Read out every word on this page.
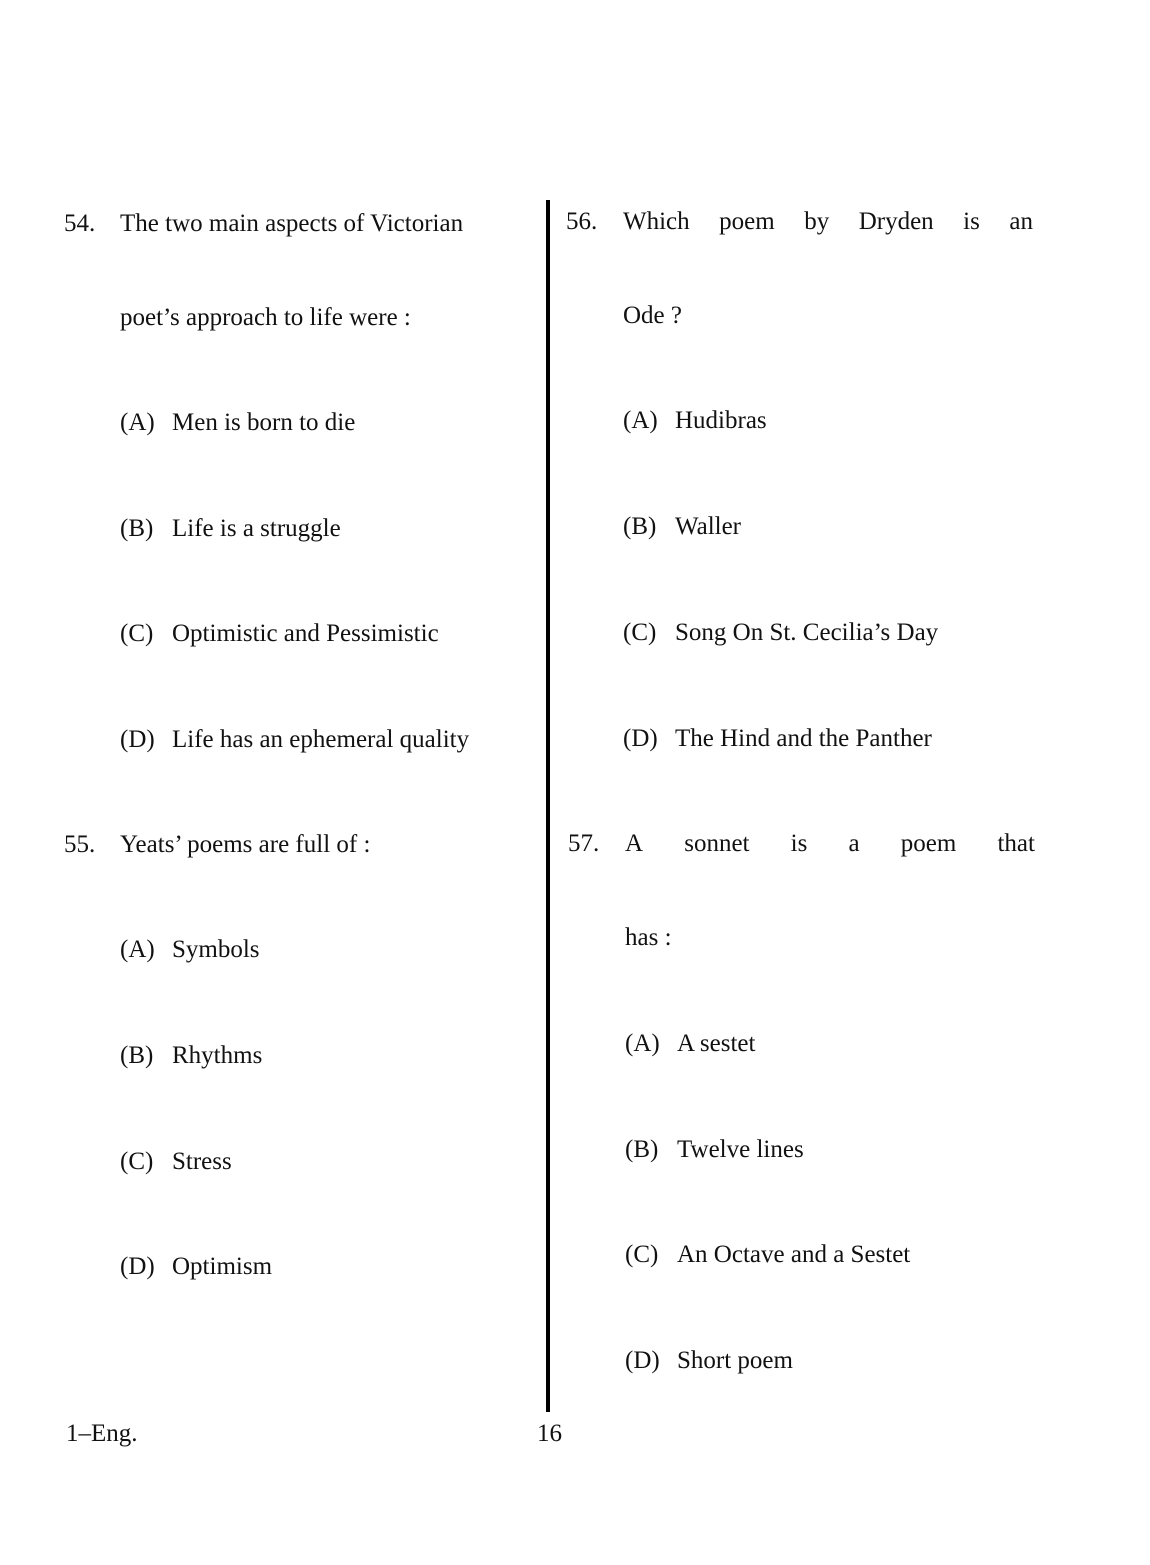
54. The two main aspects of Victorian
poet’s approach to life were :
(A) Men is born to die
(B) Life is a struggle
(C) Optimistic and Pessimistic
(D) Life has an ephemeral quality
55. Yeats’ poems are full of :
(A) Symbols
(B) Rhythms
(C) Stress
(D) Optimism
56. Which poem by Dryden is an
Ode ?
(A) Hudibras
(B) Waller
(C) Song On St. Cecilia’s Day
(D) The Hind and the Panther
57. A sonnet is a poem that
has :
(A) A sestet
(B) Twelve lines
(C) An Octave and a Sestet
(D) Short poem
1–Eng.	16
